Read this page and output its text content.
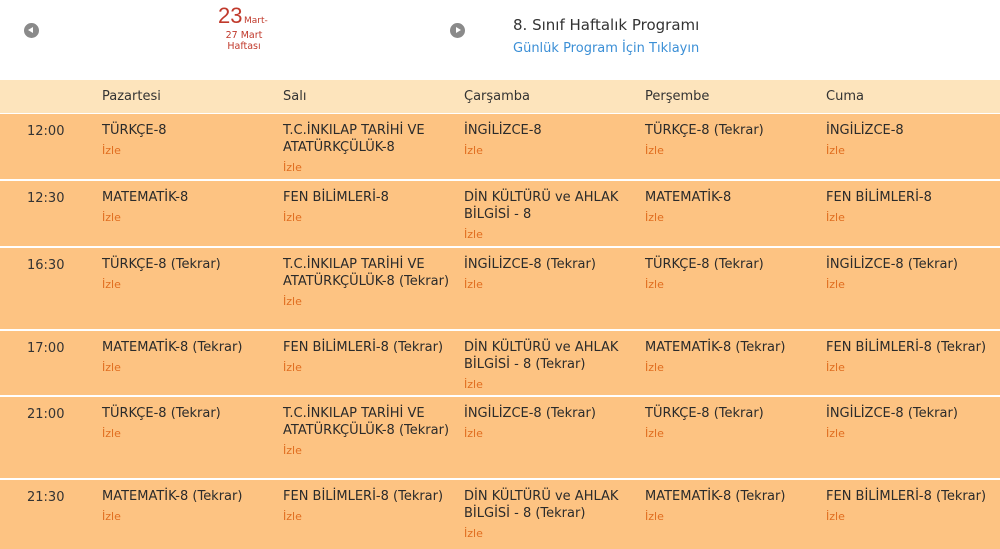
23 Mart-
27 Mart
Haftası
8. Sınıf Haftalık Programı
Günlük Program İçin Tıklayın
Pazartesi	Salı	Çarşamba	Perşembe	Cuma
12:00	TÜRKÇE-8
İzle
T.C.İNKILAP TARİHİ VE ATATÜRKÇÜLÜK-8
İzle
İNGİLİZCE-8
İzle
TÜRKÇE-8 (Tekrar)
İzle
İNGİLİZCE-8
İzle
12:30	MATEMATİK-8
İzle
FEN BİLİMLERİ-8
İzle
DİN KÜLTÜRÜ ve AHLAK BİLGİSİ - 8
İzle
MATEMATİK-8
İzle
FEN BİLİMLERİ-8
İzle
16:30	TÜRKÇE-8 (Tekrar)
İzle
T.C.İNKILAP TARİHİ VE ATATÜRKÇÜLÜK-8 (Tekrar)
İzle
İNGİLİZCE-8 (Tekrar)
İzle
TÜRKÇE-8 (Tekrar)
İzle
İNGİLİZCE-8 (Tekrar)
İzle
17:00	MATEMATİK-8 (Tekrar)
İzle
FEN BİLİMLERİ-8 (Tekrar)
İzle
DİN KÜLTÜRÜ ve AHLAK BİLGİSİ - 8 (Tekrar)
İzle
MATEMATİK-8 (Tekrar)
İzle
FEN BİLİMLERİ-8 (Tekrar)
İzle
21:00	TÜRKÇE-8 (Tekrar)
İzle
T.C.İNKILAP TARİHİ VE ATATÜRKÇÜLÜK-8 (Tekrar)
İzle
İNGİLİZCE-8 (Tekrar)
İzle
TÜRKÇE-8 (Tekrar)
İzle
İNGİLİZCE-8 (Tekrar)
İzle
21:30	MATEMATİK-8 (Tekrar)
İzle
FEN BİLİMLERİ-8 (Tekrar)
İzle
DİN KÜLTÜRÜ ve AHLAK BİLGİSİ - 8 (Tekrar)
İzle
MATEMATİK-8 (Tekrar)
İzle
FEN BİLİMLERİ-8 (Tekrar)
İzle
